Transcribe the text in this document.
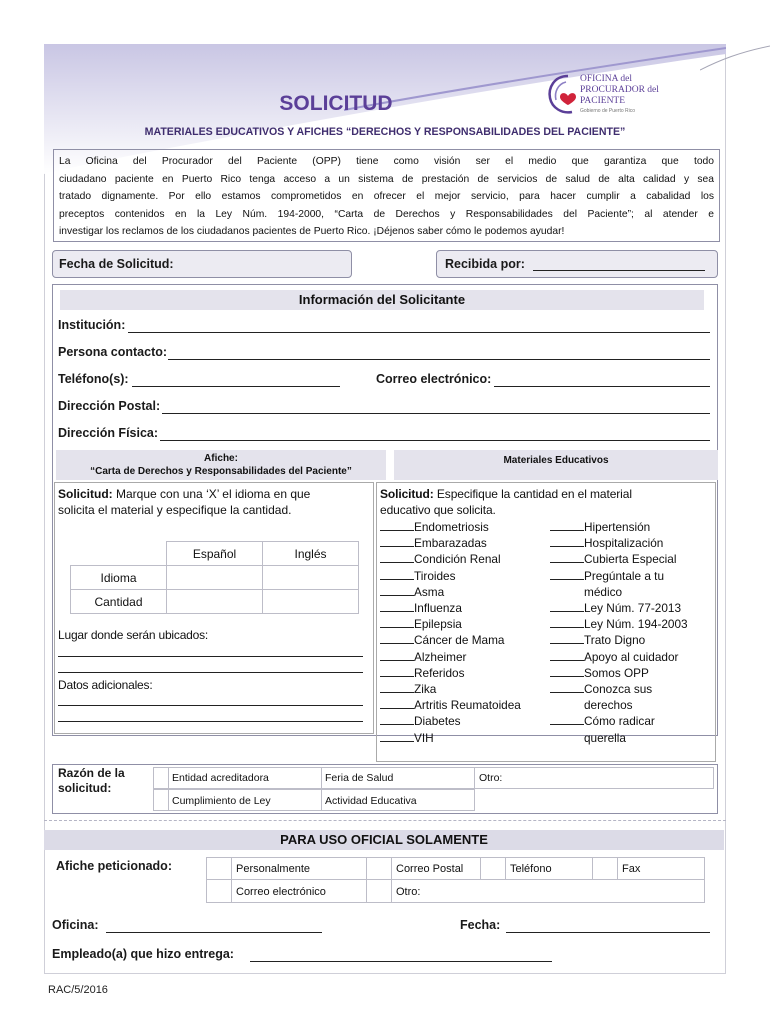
OFICINA del
PROCURADOR del
PACIENTE
Gobierno de Puerto Rico
SOLICITUD
MATERIALES EDUCATIVOS Y AFICHES “DERECHOS Y RESPONSABILIDADES DEL PACIENTE”
La Oficina del Procurador del Paciente (OPP) tiene como visión ser el medio que garantiza que todo
ciudadano paciente en Puerto Rico tenga acceso a un sistema de prestación de servicios de salud de alta calidad y sea
tratado dignamente. Por ello estamos comprometidos en ofrecer el mejor servicio, para hacer cumplir a cabalidad los
preceptos contenidos en la Ley Núm. 194-2000, “Carta de Derechos y Responsabilidades del Paciente”; al atender e
investigar los reclamos de los ciudadanos pacientes de Puerto Rico. ¡Déjenos saber cómo le podemos ayudar!
Fecha de Solicitud:	Recibida por:
Información del Solicitante
Institución:
Persona contacto:
Teléfono(s):	Correo electrónico:
Dirección Postal:
Dirección Física:
Afiche:
“Carta de Derechos y Responsabilidades del Paciente”
Materiales Educativos
Solicitud: Marque con una ‘X’ el idioma en que
solicita el material y especifique la cantidad.
Español	Inglés
Idioma
Cantidad
Lugar donde serán ubicados:
Datos adicionales:
Solicitud: Especifique la cantidad en el material
educativo que solicita.
Endometriosis
Embarazadas
Condición Renal
Tiroides
Asma
Influenza
Epilepsia
Cáncer de Mama
Alzheimer
Referidos
Zika
Artritis Reumatoidea
Diabetes
VIH
Hipertensión
Hospitalización
Cubierta Especial
Pregúntale a tu
médico
Ley Núm. 77-2013
Ley Núm. 194-2003
Trato Digno
Apoyo al cuidador
Somos OPP
Conozca sus
derechos
Cómo radicar
querella
Razón de la
solicitud:
Entidad acreditadora	Feria de Salud	Otro:
Cumplimiento de Ley	Actividad Educativa
PARA USO OFICIAL SOLAMENTE
Afiche peticionado:	Personalmente	Correo Postal	Teléfono	Fax
Correo electrónico	Otro:
Oficina:	Fecha:
Empleado(a) que hizo entrega:
RAC/5/2016
